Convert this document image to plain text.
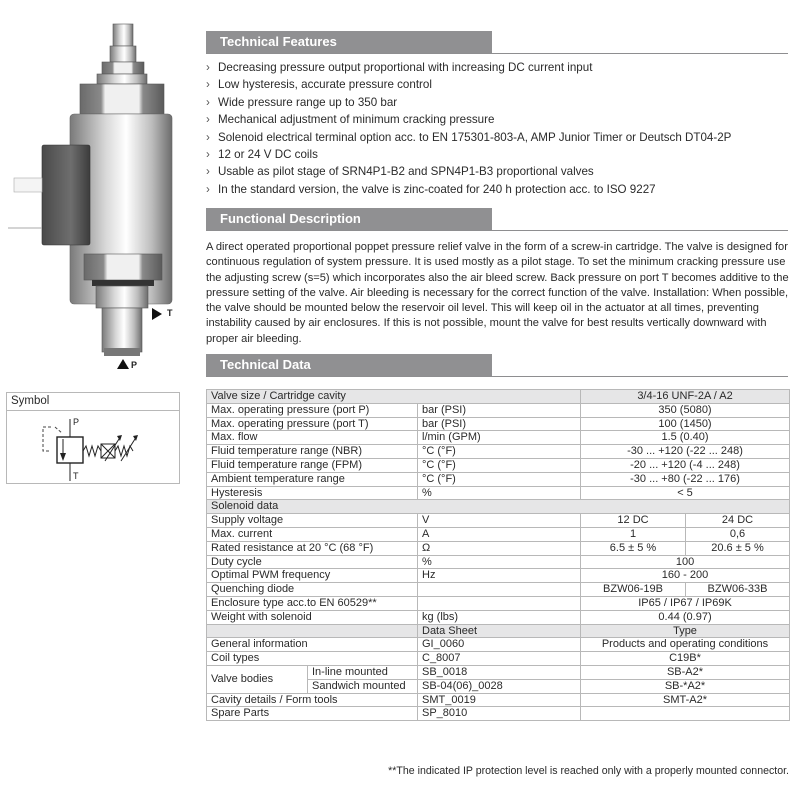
T
P
Symbol
P
T
Technical Features
› Decreasing pressure output proportional with increasing DC current input
› Low hysteresis, accurate pressure control
› Wide pressure range up to 350 bar
› Mechanical adjustment of minimum cracking pressure
› Solenoid electrical terminal option acc. to EN 175301-803-A, AMP Junior Timer or Deutsch DT04-2P
› 12 or 24 V DC coils
› Usable as pilot stage of SRN4P1-B2 and SPN4P1-B3 proportional valves
› In the standard version, the valve is zinc-coated for 240 h protection acc. to ISO 9227
Functional Description

A direct operated proportional poppet pressure relief valve in the form of a screw-in cartridge. The valve is designed for continuous regulation of system pressure. It is used mostly as a pilot stage. To set the minimum cracking pressure use the adjusting screw (s=5) which incorporates also the air bleed screw. Back pressure on port T becomes additive to the pressure setting of the valve. Air bleeding is necessary for the correct function of the valve. Installation: When possible, the valve should be mounted below the reservoir oil level. This will keep oil in the actuator at all times, preventing instability caused by air enclosures. If this is not possible, mount the valve for best results vertically downward with proper air bleeding.

Technical Data
Valve size / Cartridge cavity			3/4-16 UNF-2A / A2	
Max. operating pressure (port P)		bar (PSI)	350 (5080)	
Max. operating pressure (port T)		bar (PSI)	100 (1450)	
Max. flow		l/min (GPM)	1.5 (0.40)	
Fluid temperature range (NBR)		°C (°F)	-30 ... +120 (-22 ... 248)	
Fluid temperature range (FPM)		°C (°F)	-20 ... +120 (-4 ... 248)	
Ambient temperature range		°C (°F)	-30 ... +80 (-22 ... 176)	
Hysteresis		%	< 5	
Solenoid data				
Supply voltage		V	12 DC	24 DC
Max. current		A	1	0,6
Rated resistance at 20 °C (68 °F)		Ω	6.5 ± 5 %	20.6 ± 5 %
Duty cycle		%	100	
Optimal PWM frequency		Hz	160 - 200	
Quenching diode			BZW06-19B	BZW06-33B
Enclosure type acc.to EN 60529**			IP65 / IP67 / IP69K	
Weight with solenoid		kg (lbs)	0.44 (0.97)	
		Data Sheet	Type	
General information		GI_0060	Products and operating conditions	
Coil types		C_8007	C19B*	
Valve bodies	In-line mounted	SB_0018	SB-A2*	
	Sandwich mounted	SB-04(06)_0028	SB-*A2*	
Cavity details / Form tools		SMT_0019	SMT-A2*	
Spare Parts		SP_8010		
**The indicated IP protection level is reached only with a properly mounted connector.
